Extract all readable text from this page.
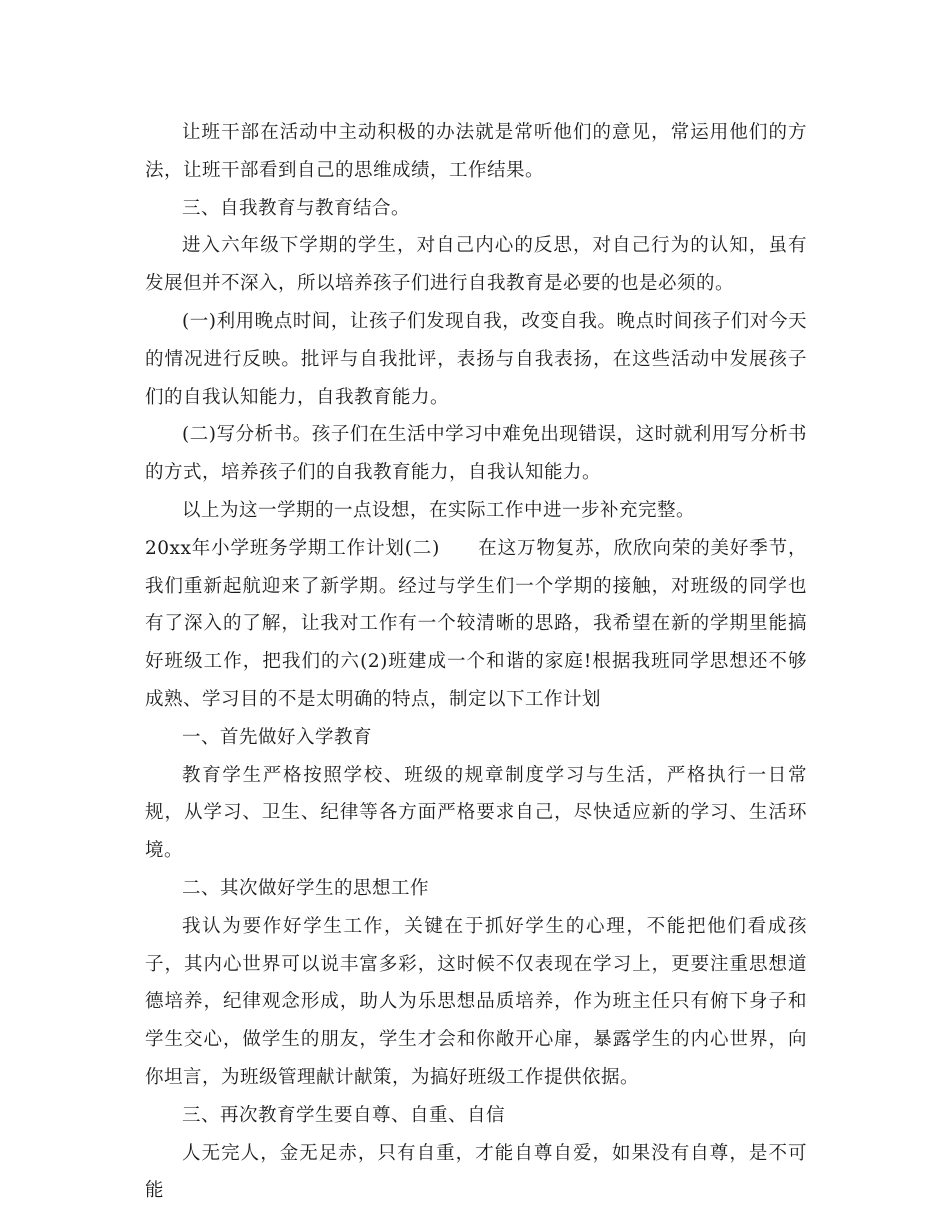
让班干部在活动中主动积极的办法就是常听他们的意见，常运用他们的方法，让班干部看到自己的思维成绩，工作结果。

三、自我教育与教育结合。

进入六年级下学期的学生，对自己内心的反思，对自己行为的认知，虽有发展但并不深入，所以培养孩子们进行自我教育是必要的也是必须的。

(一)利用晚点时间，让孩子们发现自我，改变自我。晚点时间孩子们对今天的情况进行反映。批评与自我批评，表扬与自我表扬，在这些活动中发展孩子们的自我认知能力，自我教育能力。

(二)写分析书。孩子们在生活中学习中难免出现错误，这时就利用写分析书的方式，培养孩子们的自我教育能力，自我认知能力。

以上为这一学期的一点设想，在实际工作中进一步补充完整。

20xx年小学班务学期工作计划(二) 在这万物复苏，欣欣向荣的美好季节，我们重新起航迎来了新学期。经过与学生们一个学期的接触，对班级的同学也有了深入的了解，让我对工作有一个较清晰的思路，我希望在新的学期里能搞好班级工作，把我们的六(2)班建成一个和谐的家庭!根据我班同学思想还不够成熟、学习目的不是太明确的特点，制定以下工作计划

一、首先做好入学教育

教育学生严格按照学校、班级的规章制度学习与生活，严格执行一日常规，从学习、卫生、纪律等各方面严格要求自己，尽快适应新的学习、生活环境。

二、其次做好学生的思想工作

我认为要作好学生工作，关键在于抓好学生的心理，不能把他们看成孩子，其内心世界可以说丰富多彩，这时候不仅表现在学习上，更要注重思想道德培养，纪律观念形成，助人为乐思想品质培养，作为班主任只有俯下身子和学生交心，做学生的朋友，学生才会和你敞开心扉，暴露学生的内心世界，向你坦言，为班级管理献计献策，为搞好班级工作提供依据。

三、再次教育学生要自尊、自重、自信

人无完人，金无足赤，只有自重，才能自尊自爱，如果没有自尊，是不可能
